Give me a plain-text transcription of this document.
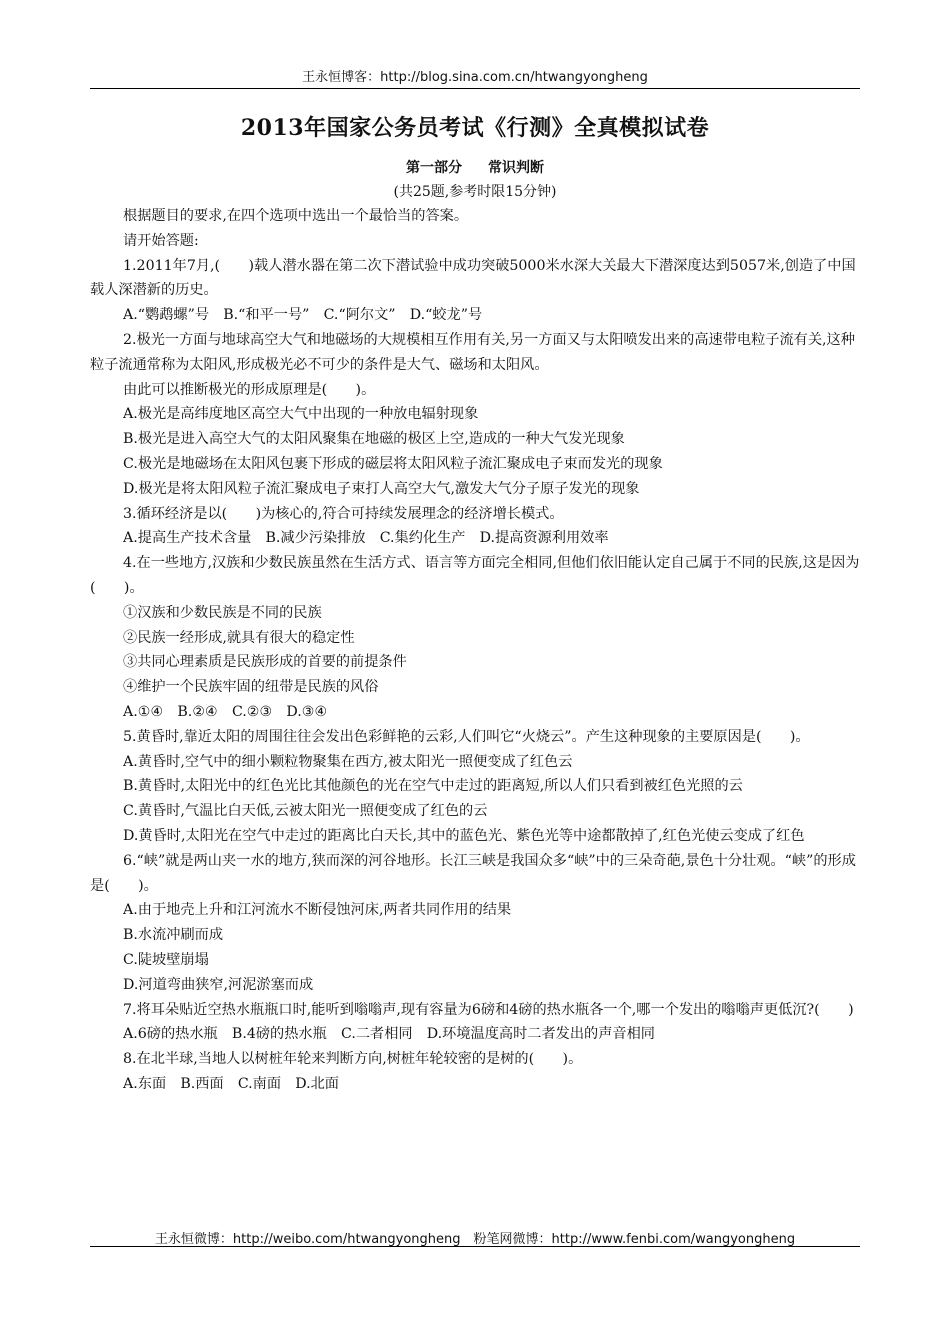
王永恒博客：http://blog.sina.com.cn/htwangyongheng
2013年国家公务员考试《行测》全真模拟试卷
第一部分 常识判断
(共25题,参考时限15分钟)

根据题目的要求,在四个选项中选出一个最恰当的答案。

请开始答题:

1.2011年7月,(　　)载人潜水器在第二次下潜试验中成功突破5000米水深大关最大下潜深度达到5057米,创造了中国载人深潜新的历史。

A.“鹦鹉螺”号　B.“和平一号”　C.“阿尔文”　D.“蛟龙”号

2.极光一方面与地球高空大气和地磁场的大规模相互作用有关,另一方面又与太阳喷发出来的高速带电粒子流有关,这种粒子流通常称为太阳风,形成极光必不可少的条件是大气、磁场和太阳风。

由此可以推断极光的形成原理是(　　)。

A.极光是高纬度地区高空大气中出现的一种放电辐射现象

B.极光是进入高空大气的太阳风聚集在地磁的极区上空,造成的一种大气发光现象

C.极光是地磁场在太阳风包裹下形成的磁层将太阳风粒子流汇聚成电子束而发光的现象

D.极光是将太阳风粒子流汇聚成电子束打人高空大气,激发大气分子原子发光的现象

3.循环经济是以(　　)为核心的,符合可持续发展理念的经济增长模式。

A.提高生产技术含量　B.减少污染排放　C.集约化生产　D.提高资源利用效率

4.在一些地方,汉族和少数民族虽然在生活方式、语言等方面完全相同,但他们依旧能认定自己属于不同的民族,这是因为(　　)。

①汉族和少数民族是不同的民族

②民族一经形成,就具有很大的稳定性

③共同心理素质是民族形成的首要的前提条件

④维护一个民族牢固的纽带是民族的风俗

A.①④　B.②④　C.②③　D.③④

5.黄昏时,靠近太阳的周围往往会发出色彩鲜艳的云彩,人们叫它“火烧云”。产生这种现象的主要原因是(　　)。

A.黄昏时,空气中的细小颗粒物聚集在西方,被太阳光一照便变成了红色云

B.黄昏时,太阳光中的红色光比其他颜色的光在空气中走过的距离短,所以人们只看到被红色光照的云

C.黄昏时,气温比白天低,云被太阳光一照便变成了红色的云

D.黄昏时,太阳光在空气中走过的距离比白天长,其中的蓝色光、紫色光等中途都散掉了,红色光使云变成了红色

6.“峡”就是两山夹一水的地方,狭而深的河谷地形。长江三峡是我国众多“峡”中的三朵奇葩,景色十分壮观。“峡”的形成是(　　)。

A.由于地壳上升和江河流水不断侵蚀河床,两者共同作用的结果

B.水流冲刷而成

C.陡坡壁崩塌

D.河道弯曲狭窄,河泥淤塞而成

7.将耳朵贴近空热水瓶瓶口时,能听到嗡嗡声,现有容量为6磅和4磅的热水瓶各一个,哪一个发出的嗡嗡声更低沉?(　　)

A.6磅的热水瓶　B.4磅的热水瓶　C.二者相同　D.环境温度高时二者发出的声音相同

8.在北半球,当地人以树桩年轮来判断方向,树桩年轮较密的是树的(　　)。

A.东面　B.西面　C.南面　D.北面

王永恒微博：http://weibo.com/htwangyongheng　粉笔网微博：http://www.fenbi.com/wangyongheng
